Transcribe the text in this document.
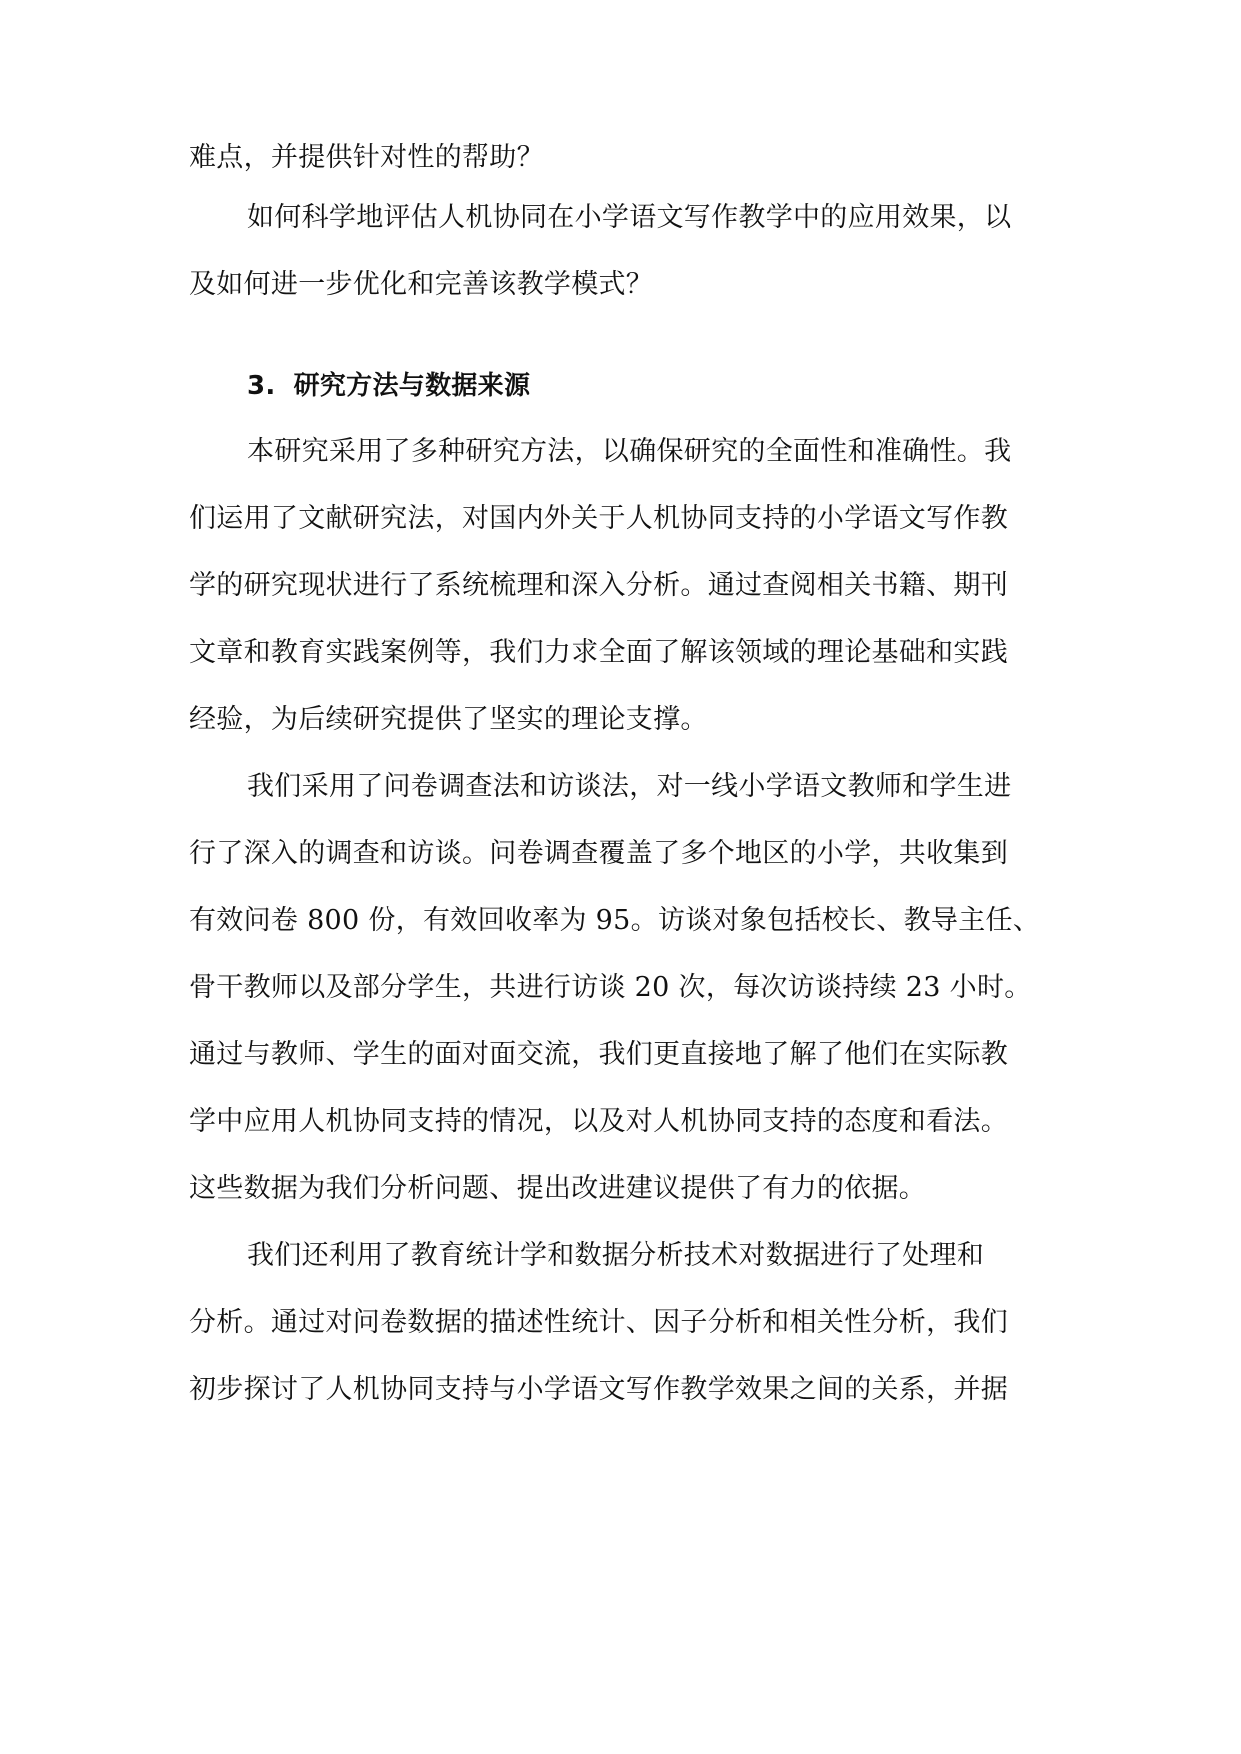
难点，并提供针对性的帮助？
如何科学地评估人机协同在小学语文写作教学中的应用效果，以
及如何进一步优化和完善该教学模式？
3. 研究方法与数据来源
本研究采用了多种研究方法，以确保研究的全面性和准确性。我
们运用了文献研究法，对国内外关于人机协同支持的小学语文写作教
学的研究现状进行了系统梳理和深入分析。通过查阅相关书籍、期刊
文章和教育实践案例等，我们力求全面了解该领域的理论基础和实践
经验，为后续研究提供了坚实的理论支撑。
我们采用了问卷调查法和访谈法，对一线小学语文教师和学生进
行了深入的调查和访谈。问卷调查覆盖了多个地区的小学，共收集到
有效问卷 800 份，有效回收率为 95。访谈对象包括校长、教导主任、
骨干教师以及部分学生，共进行访谈 20 次，每次访谈持续 23 小时。
通过与教师、学生的面对面交流，我们更直接地了解了他们在实际教
学中应用人机协同支持的情况，以及对人机协同支持的态度和看法。
这些数据为我们分析问题、提出改进建议提供了有力的依据。
我们还利用了教育统计学和数据分析技术对数据进行了处理和
分析。通过对问卷数据的描述性统计、因子分析和相关性分析，我们
初步探讨了人机协同支持与小学语文写作教学效果之间的关系，并据
